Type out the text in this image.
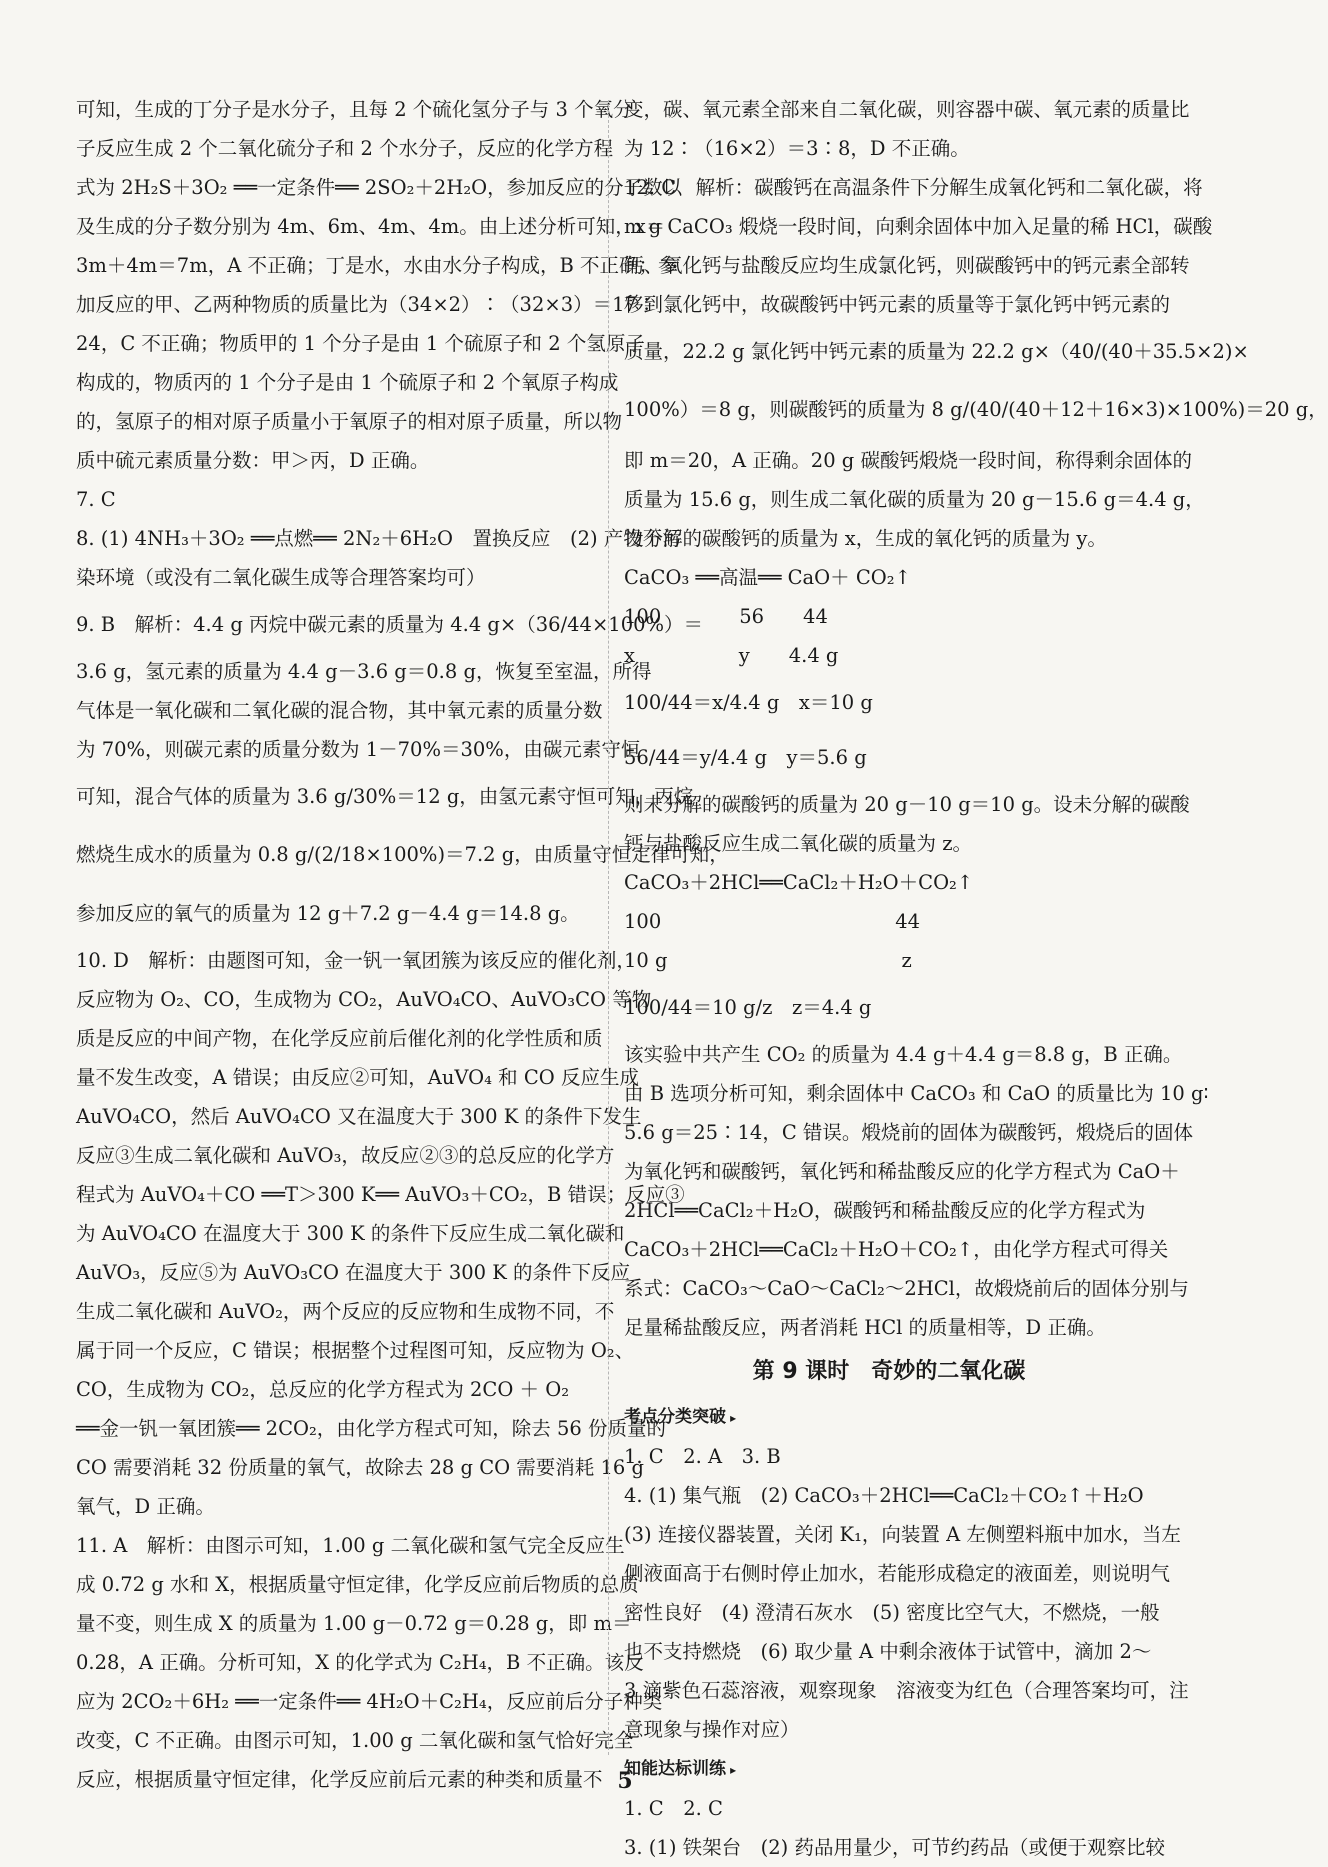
可知，生成的丁分子是水分子，且每 2 个硫化氢分子与 3 个氧分
子反应生成 2 个二氧化硫分子和 2 个水分子，反应的化学方程
式为 2H₂S＋3O₂ ══一定条件══ 2SO₂＋2H₂O，参加反应的分子数以
及生成的分子数分别为 4m、6m、4m、4m。由上述分析可知，x＝
3m＋4m＝7m，A 不正确；丁是水，水由水分子构成，B 不正确；参
加反应的甲、乙两种物质的质量比为（34×2）∶（32×3）＝17∶
24，C 不正确；物质甲的 1 个分子是由 1 个硫原子和 2 个氢原子
构成的，物质丙的 1 个分子是由 1 个硫原子和 2 个氧原子构成
的，氢原子的相对原子质量小于氧原子的相对原子质量，所以物
质中硫元素质量分数：甲＞丙，D 正确。
7. C
8. (1) 4NH₃＋3O₂ ══点燃══ 2N₂＋6H₂O　置换反应　(2) 产物不污
染环境（或没有二氧化碳生成等合理答案均可）
9. B　解析：4.4 g 丙烷中碳元素的质量为 4.4 g×（36/44×100%）＝
3.6 g，氢元素的质量为 4.4 g－3.6 g＝0.8 g，恢复至室温，所得
气体是一氧化碳和二氧化碳的混合物，其中氧元素的质量分数
为 70%，则碳元素的质量分数为 1－70%＝30%，由碳元素守恒
可知，混合气体的质量为 3.6 g/30%＝12 g，由氢元素守恒可知，丙烷
燃烧生成水的质量为 0.8 g/(2/18×100%)＝7.2 g，由质量守恒定律可知，
参加反应的氧气的质量为 12 g＋7.2 g－4.4 g＝14.8 g。
10. D　解析：由题图可知，金一钒一氧团簇为该反应的催化剂，
反应物为 O₂、CO，生成物为 CO₂，AuVO₄CO、AuVO₃CO 等物
质是反应的中间产物，在化学反应前后催化剂的化学性质和质
量不发生改变，A 错误；由反应②可知，AuVO₄ 和 CO 反应生成
AuVO₄CO，然后 AuVO₄CO 又在温度大于 300 K 的条件下发生
反应③生成二氧化碳和 AuVO₃，故反应②③的总反应的化学方
程式为 AuVO₄＋CO ══T＞300 K══ AuVO₃＋CO₂，B 错误；反应③
为 AuVO₄CO 在温度大于 300 K 的条件下反应生成二氧化碳和
AuVO₃，反应⑤为 AuVO₃CO 在温度大于 300 K 的条件下反应
生成二氧化碳和 AuVO₂，两个反应的反应物和生成物不同，不
属于同一个反应，C 错误；根据整个过程图可知，反应物为 O₂、
CO，生成物为 CO₂，总反应的化学方程式为 2CO ＋ O₂
══金一钒一氧团簇══ 2CO₂，由化学方程式可知，除去 56 份质量的
CO 需要消耗 32 份质量的氧气，故除去 28 g CO 需要消耗 16 g
氧气，D 正确。
11. A　解析：由图示可知，1.00 g 二氧化碳和氢气完全反应生
成 0.72 g 水和 X，根据质量守恒定律，化学反应前后物质的总质
量不变，则生成 X 的质量为 1.00 g－0.72 g＝0.28 g，即 m＝
0.28，A 正确。分析可知，X 的化学式为 C₂H₄，B 不正确。该反
应为 2CO₂＋6H₂ ══一定条件══ 4H₂O＋C₂H₄，反应前后分子种类
改变，C 不正确。由图示可知，1.00 g 二氧化碳和氢气恰好完全
反应，根据质量守恒定律，化学反应前后元素的种类和质量不
变，碳、氧元素全部来自二氧化碳，则容器中碳、氧元素的质量比
为 12∶（16×2）＝3∶8，D 不正确。
12. C　解析：碳酸钙在高温条件下分解生成氧化钙和二氧化碳，将
m g CaCO₃ 煅烧一段时间，向剩余固体中加入足量的稀 HCl，碳酸
钙、氧化钙与盐酸反应均生成氯化钙，则碳酸钙中的钙元素全部转
移到氯化钙中，故碳酸钙中钙元素的质量等于氯化钙中钙元素的
质量，22.2 g 氯化钙中钙元素的质量为 22.2 g×（40/(40＋35.5×2)×
100%）＝8 g，则碳酸钙的质量为 8 g/(40/(40＋12＋16×3)×100%)＝20 g，
即 m＝20，A 正确。20 g 碳酸钙煅烧一段时间，称得剩余固体的
质量为 15.6 g，则生成二氧化碳的质量为 20 g－15.6 g＝4.4 g，
设分解的碳酸钙的质量为 x，生成的氧化钙的质量为 y。
CaCO₃ ══高温══ CaO＋ CO₂↑
100　　　　56　　44
x　　　　　 y　　4.4 g
100/44＝x/4.4 g　x＝10 g
56/44＝y/4.4 g　y＝5.6 g
则未分解的碳酸钙的质量为 20 g－10 g＝10 g。设未分解的碳酸
钙与盐酸反应生成二氧化碳的质量为 z。
CaCO₃＋2HCl══CaCl₂＋H₂O＋CO₂↑
100　　　　　　　　　　　　44
10 g　　　　　　　　　　　　z
100/44＝10 g/z　z＝4.4 g
该实验中共产生 CO₂ 的质量为 4.4 g＋4.4 g＝8.8 g，B 正确。
由 B 选项分析可知，剩余固体中 CaCO₃ 和 CaO 的质量比为 10 g∶
5.6 g＝25∶14，C 错误。煅烧前的固体为碳酸钙，煅烧后的固体
为氧化钙和碳酸钙，氧化钙和稀盐酸反应的化学方程式为 CaO＋
2HCl══CaCl₂＋H₂O，碳酸钙和稀盐酸反应的化学方程式为
CaCO₃＋2HCl══CaCl₂＋H₂O＋CO₂↑，由化学方程式可得关
系式：CaCO₃～CaO～CaCl₂～2HCl，故煅烧前后的固体分别与
足量稀盐酸反应，两者消耗 HCl 的质量相等，D 正确。
第 9 课时　奇妙的二氧化碳
考点分类突破 ▸
1. C　2. A　3. B
4. (1) 集气瓶　(2) CaCO₃＋2HCl══CaCl₂＋CO₂↑＋H₂O
(3) 连接仪器装置，关闭 K₁，向装置 A 左侧塑料瓶中加水，当左
侧液面高于右侧时停止加水，若能形成稳定的液面差，则说明气
密性良好　(4) 澄清石灰水　(5) 密度比空气大，不燃烧，一般
也不支持燃烧　(6) 取少量 A 中剩余液体于试管中，滴加 2～
3 滴紫色石蕊溶液，观察现象　溶液变为红色（合理答案均可，注
意现象与操作对应）
知能达标训练 ▸
1. C　2. C
3. (1) 铁架台　(2) 药品用量少，可节约药品（或便于观察比较
5
